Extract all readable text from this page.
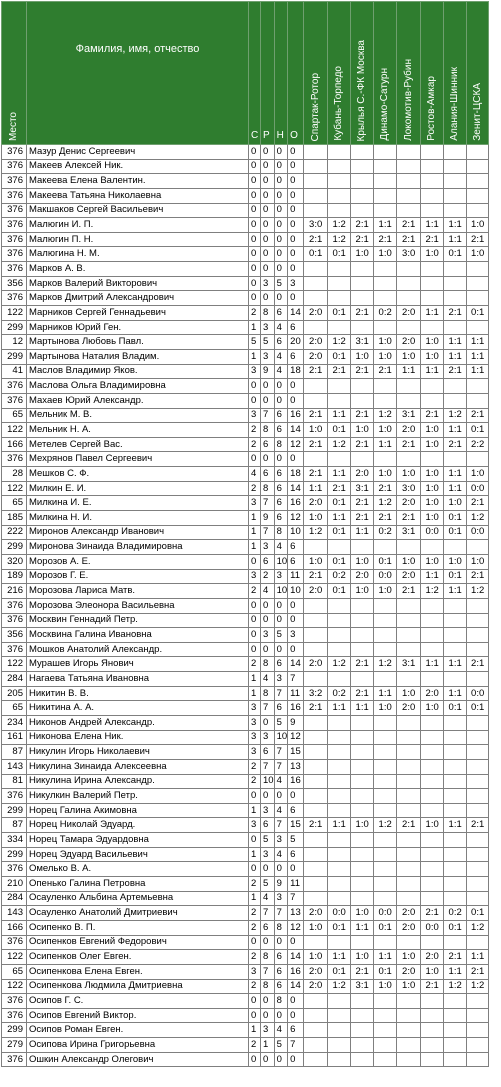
Место	Фамилия, имя, отчество	С	Р	Н	О	Спартак-Ротор	Кубань-Торпедо	Крылья С.-ФК Москва	Динамо-Сатурн	Локомотив-Рубин	Ростов-Амкар	Алания-Шинник	Зенит-ЦСКА

376	Мазур Денис Сергеевич	0	0	0	0								
376	Макеев Алексей Ник.	0	0	0	0								
376	Макеева Елена Валентин.	0	0	0	0								
376	Макеева Татьяна Николаевна	0	0	0	0								
376	Макшаков Сергей Васильевич	0	0	0	0								
376	Малюгин И. П.	0	0	0	0	3:0	1:2	2:1	1:1	2:1	1:1	1:1	1:0
376	Малюгин П. Н.	0	0	0	0	2:1	1:2	2:1	2:1	2:1	2:1	1:1	2:1
376	Малюгина Н. М.	0	0	0	0	0:1	0:1	1:0	1:0	3:0	1:0	0:1	1:0
376	Марков А. В.	0	0	0	0								
356	Марков Валерий Викторович	0	3	5	3								
376	Марков Дмитрий Александрович	0	0	0	0								
122	Марников Сергей Геннадьевич	2	8	6	14	2:0	0:1	2:1	0:2	2:0	1:1	2:1	0:1
299	Марников Юрий Ген.	1	3	4	6								
12	Мартынова Любовь Павл.	5	5	6	20	2:0	1:2	3:1	1:0	2:0	1:0	1:1	1:1
299	Мартынова Наталия Владим.	1	3	4	6	2:0	0:1	1:0	1:0	1:0	1:0	1:1	1:1
41	Маслов Владимир Яков.	3	9	4	18	2:1	2:1	2:1	2:1	1:1	1:1	2:1	1:1
376	Маслова Ольга Владимировна	0	0	0	0								
376	Махаев Юрий Александр.	0	0	0	0								
65	Мельник М. В.	3	7	6	16	2:1	1:1	2:1	1:2	3:1	2:1	1:2	2:1
122	Мельник Н. А.	2	8	6	14	1:0	0:1	1:0	1:0	2:0	1:0	1:1	0:1
166	Метелев Сергей Вас.	2	6	8	12	2:1	1:2	2:1	1:1	2:1	1:0	2:1	2:2
376	Мехрянов Павел Сергеевич	0	0	0	0								
28	Мешков С. Ф.	4	6	6	18	2:1	1:1	2:0	1:0	1:0	1:0	1:1	1:0
122	Милкин Е. И.	2	8	6	14	1:1	2:1	3:1	2:1	3:0	1:0	1:1	0:0
65	Милкина И. Е.	3	7	6	16	2:0	0:1	2:1	1:2	2:0	1:0	1:0	2:1
185	Милкина Н. И.	1	9	6	12	1:0	1:1	2:1	2:1	2:1	1:0	0:1	1:2
222	Миронов Александр Иванович	1	7	8	10	1:2	0:1	1:1	0:2	3:1	0:0	0:1	0:0
299	Миронова Зинаида Владимировна	1	3	4	6								
320	Морозов А. Е.	0	6	10	6	1:0	0:1	1:0	0:1	1:0	1:0	1:0	1:0
189	Морозов Г. Е.	3	2	3	11	2:1	0:2	2:0	0:0	2:0	1:1	0:1	2:1
216	Морозова Лариса Матв.	2	4	10	10	2:0	0:1	1:0	1:0	2:1	1:2	1:1	1:2
376	Морозова Элеонора Васильевна	0	0	0	0								
376	Москвин Геннадий Петр.	0	0	0	0								
356	Москвина Галина Ивановна	0	3	5	3								
376	Мошков Анатолий Александр.	0	0	0	0								
122	Мурашев Игорь Янович	2	8	6	14	2:0	1:2	2:1	1:2	3:1	1:1	1:1	2:1
284	Нагаева Татьяна Ивановна	1	4	3	7								
205	Никитин В. В.	1	8	7	11	3:2	0:2	2:1	1:1	1:0	2:0	1:1	0:0
65	Никитина А. А.	3	7	6	16	2:1	1:1	1:1	1:0	2:0	1:0	0:1	0:1
234	Никонов Андрей Александр.	3	0	5	9								
161	Никонова Елена Ник.	3	3	10	12								
87	Никулин Игорь Николаевич	3	6	7	15								
143	Никулина Зинаида Алексеевна	2	7	7	13								
81	Никулина Ирина Александр.	2	10	4	16								
376	Никулкин Валерий Петр.	0	0	0	0								
299	Норец Галина Акимовна	1	3	4	6								
87	Норец Николай Эдуард.	3	6	7	15	2:1	1:1	1:0	1:2	2:1	1:0	1:1	2:1
334	Норец Тамара Эдуардовна	0	5	3	5								
299	Норец Эдуард Васильевич	1	3	4	6								
376	Омелько В. А.	0	0	0	0								
210	Опенько Галина Петровна	2	5	9	11								
284	Осауленко Альбина Артемьевна	1	4	3	7								
143	Осауленко Анатолий Дмитриевич	2	7	7	13	2:0	0:0	1:0	0:0	2:0	2:1	0:2	0:1
166	Осипенко В. П.	2	6	8	12	1:0	0:1	1:1	0:1	2:0	0:0	0:1	1:2
376	Осипенков Евгений Федорович	0	0	0	0								
122	Осипенков Олег Евген.	2	8	6	14	1:0	1:1	1:0	1:1	1:0	2:0	2:1	1:1
65	Осипенкова Елена Евген.	3	7	6	16	2:0	0:1	2:1	0:1	2:0	1:0	1:1	2:1
122	Осипенкова Людмила Дмитриевна	2	8	6	14	2:0	1:2	3:1	1:0	1:0	2:1	1:2	1:2
376	Осипов Г. С.	0	0	8	0								
376	Осипов Евгений Виктор.	0	0	0	0								
299	Осипов Роман Евген.	1	3	4	6								
279	Осипова Ирина Григорьевна	2	1	5	7								
376	Ошкин Александр Олегович	0	0	0	0								
